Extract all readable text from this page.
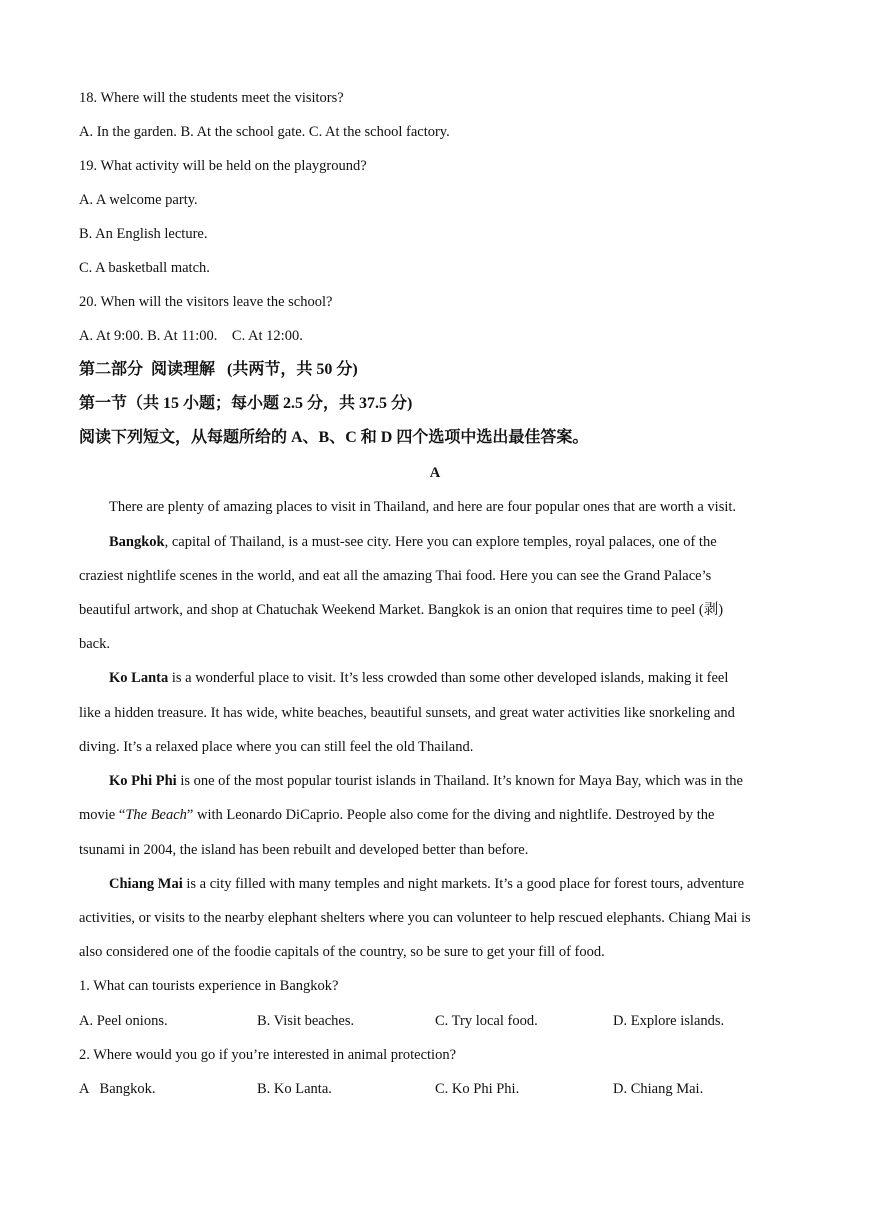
18. Where will the students meet the visitors?
A. In the garden. B. At the school gate. C. At the school factory.
19. What activity will be held on the playground?
A. A welcome party.
B. An English lecture.
C. A basketball match.
20. When will the visitors leave the school?
A. At 9:00. B. At 11:00.    C. At 12:00.
第二部分  阅读理解   (共两节，共 50 分)
第一节（共 15 小题；每小题 2.5 分，共 37.5 分)
阅读下列短文，从每题所给的 A、B、C 和 D 四个选项中选出最佳答案。
A
There are plenty of amazing places to visit in Thailand, and here are four popular ones that are worth a visit.
Bangkok, capital of Thailand, is a must-see city. Here you can explore temples, royal palaces, one of the
craziest nightlife scenes in the world, and eat all the amazing Thai food. Here you can see the Grand Palace’s
beautiful artwork, and shop at Chatuchak Weekend Market. Bangkok is an onion that requires time to peel (剥)
back.
Ko Lanta is a wonderful place to visit. It’s less crowded than some other developed islands, making it feel
like a hidden treasure. It has wide, white beaches, beautiful sunsets, and great water activities like snorkeling and
diving. It’s a relaxed place where you can still feel the old Thailand.
Ko Phi Phi is one of the most popular tourist islands in Thailand. It’s known for Maya Bay, which was in the
movie “The Beach” with Leonardo DiCaprio. People also come for the diving and nightlife. Destroyed by the
tsunami in 2004, the island has been rebuilt and developed better than before.
Chiang Mai is a city filled with many temples and night markets. It’s a good place for forest tours, adventure
activities, or visits to the nearby elephant shelters where you can volunteer to help rescued elephants. Chiang Mai is
also considered one of the foodie capitals of the country, so be sure to get your fill of food.
1. What can tourists experience in Bangkok?
A. Peel onions.	B. Visit beaches.	C. Try local food.	D. Explore islands.
2. Where would you go if you’re interested in animal protection?
A   Bangkok.	B. Ko Lanta.	C. Ko Phi Phi.	D. Chiang Mai.
